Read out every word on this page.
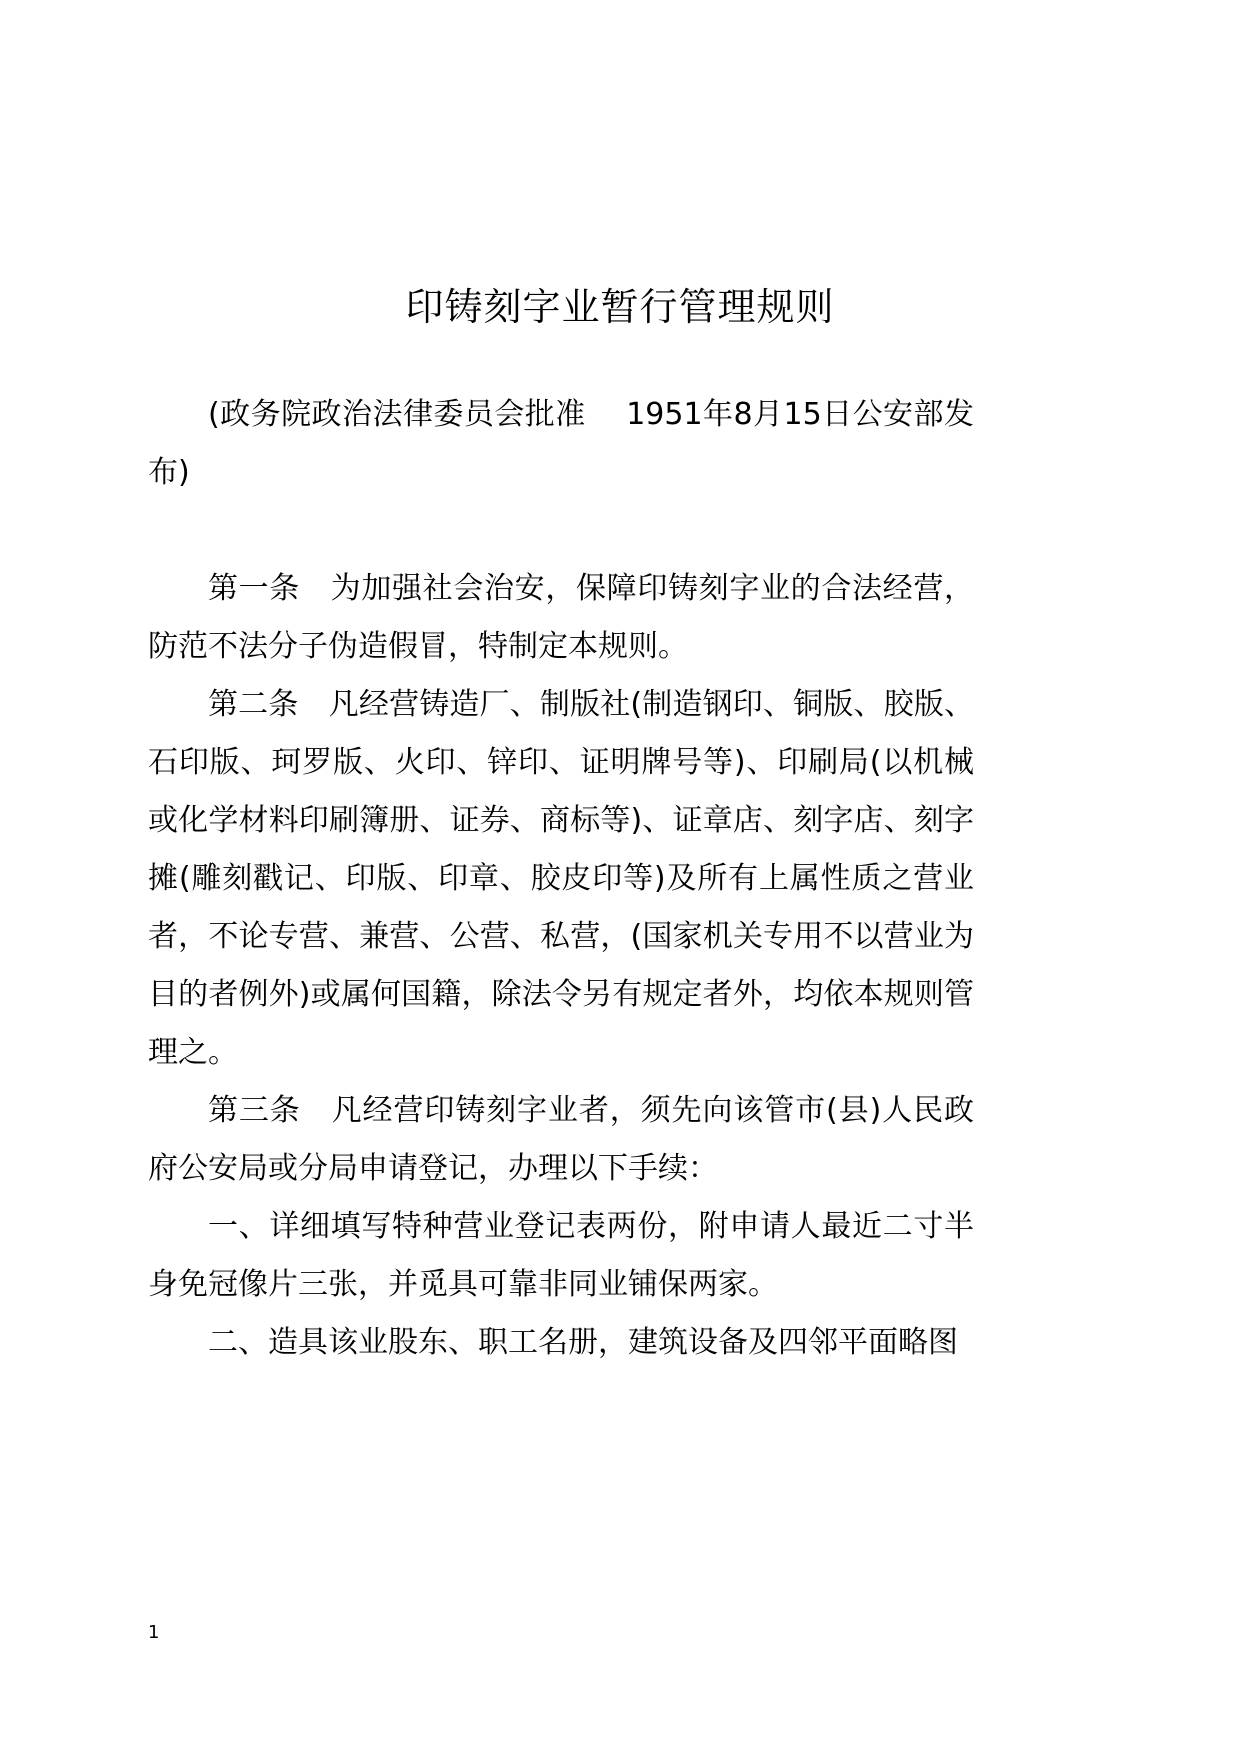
印铸刻字业暂行管理规则
(政务院政治法律委员会批准　 1951年8月15日公安部发
布)
第一条　为加强社会治安，保障印铸刻字业的合法经营，
防范不法分子伪造假冒，特制定本规则。
第二条　凡经营铸造厂、制版社(制造钢印、铜版、胶版、
石印版、珂罗版、火印、锌印、证明牌号等)、印刷局(以机械
或化学材料印刷簿册、证券、商标等)、证章店、刻字店、刻字
摊(雕刻戳记、印版、印章、胶皮印等)及所有上属性质之营业
者，不论专营、兼营、公营、私营，(国家机关专用不以营业为
目的者例外)或属何国籍，除法令另有规定者外，均依本规则管
理之。
第三条　凡经营印铸刻字业者，须先向该管市(县)人民政
府公安局或分局申请登记，办理以下手续：
一、详细填写特种营业登记表两份，附申请人最近二寸半
身免冠像片三张，并觅具可靠非同业铺保两家。
二、造具该业股东、职工名册，建筑设备及四邻平面略图
1
